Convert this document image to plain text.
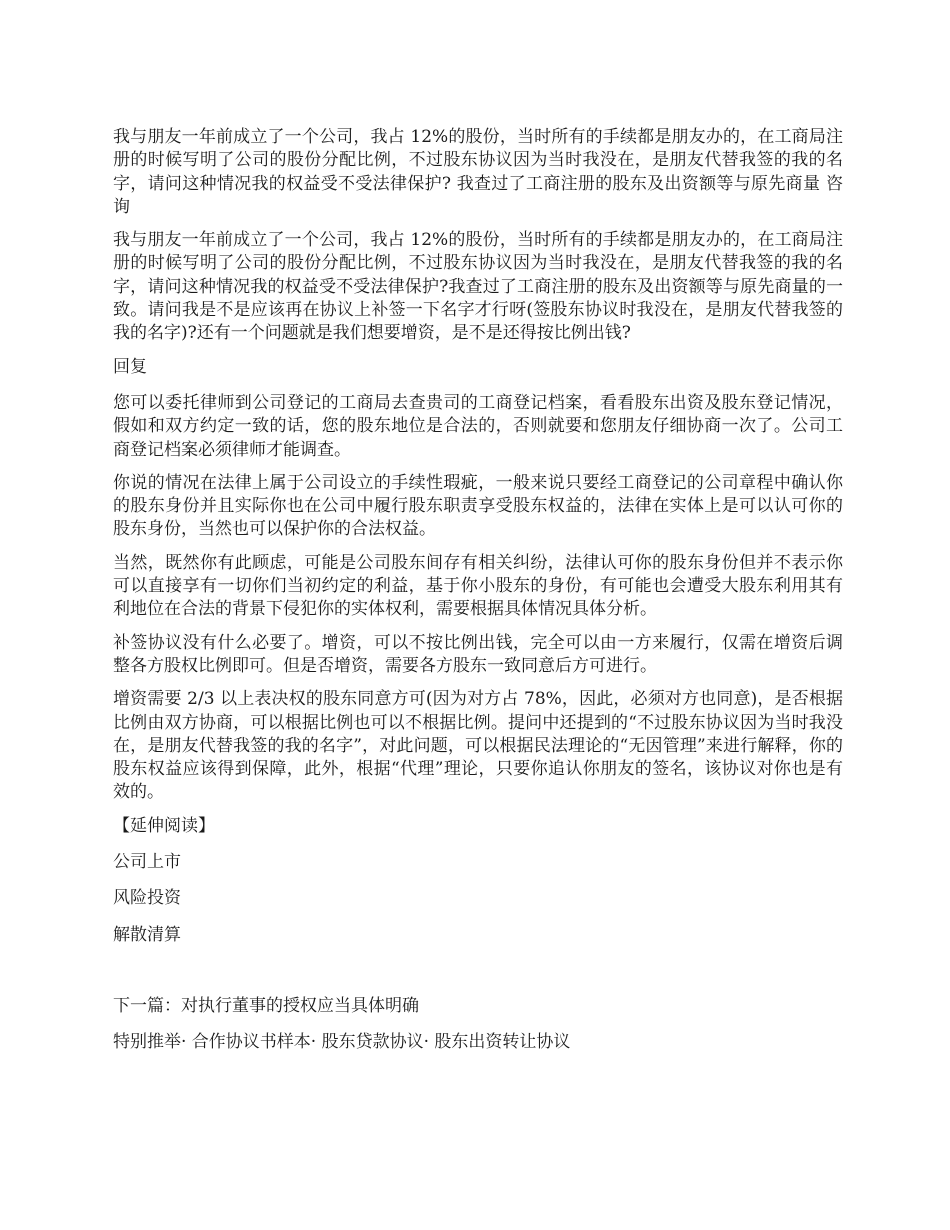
我与朋友一年前成立了一个公司，我占 12%的股份，当时所有的手续都是朋友办的，在工商局注册的时候写明了公司的股份分配比例，不过股东协议因为当时我没在，是朋友代替我签的我的名字，请问这种情况我的权益受不受法律保护? 我查过了工商注册的股东及出资额等与原先商量 咨询

我与朋友一年前成立了一个公司，我占 12%的股份，当时所有的手续都是朋友办的，在工商局注册的时候写明了公司的股份分配比例，不过股东协议因为当时我没在，是朋友代替我签的我的名字，请问这种情况我的权益受不受法律保护?我查过了工商注册的股东及出资额等与原先商量的一致。请问我是不是应该再在协议上补签一下名字才行呀(签股东协议时我没在，是朋友代替我签的我的名字)?还有一个问题就是我们想要增资，是不是还得按比例出钱?

回复

您可以委托律师到公司登记的工商局去查贵司的工商登记档案，看看股东出资及股东登记情况，假如和双方约定一致的话，您的股东地位是合法的，否则就要和您朋友仔细协商一次了。公司工商登记档案必须律师才能调查。

你说的情况在法律上属于公司设立的手续性瑕疵，一般来说只要经工商登记的公司章程中确认你的股东身份并且实际你也在公司中履行股东职责享受股东权益的，法律在实体上是可以认可你的股东身份，当然也可以保护你的合法权益。

当然，既然你有此顾虑，可能是公司股东间存有相关纠纷，法律认可你的股东身份但并不表示你可以直接享有一切你们当初约定的利益，基于你小股东的身份，有可能也会遭受大股东利用其有利地位在合法的背景下侵犯你的实体权利，需要根据具体情况具体分析。

补签协议没有什么必要了。增资，可以不按比例出钱，完全可以由一方来履行，仅需在增资后调整各方股权比例即可。但是否增资，需要各方股东一致同意后方可进行。

增资需要 2/3 以上表决权的股东同意方可(因为对方占 78%，因此，必须对方也同意)，是否根据比例由双方协商，可以根据比例也可以不根据比例。提问中还提到的“不过股东协议因为当时我没在，是朋友代替我签的我的名字”，对此问题，可以根据民法理论的“无因管理”来进行解释，你的股东权益应该得到保障，此外，根据“代理”理论，只要你追认你朋友的签名，该协议对你也是有效的。

【延伸阅读】

公司上市

风险投资

解散清算

下一篇：对执行董事的授权应当具体明确

特别推举· 合作协议书样本· 股东贷款协议· 股东出资转让协议
